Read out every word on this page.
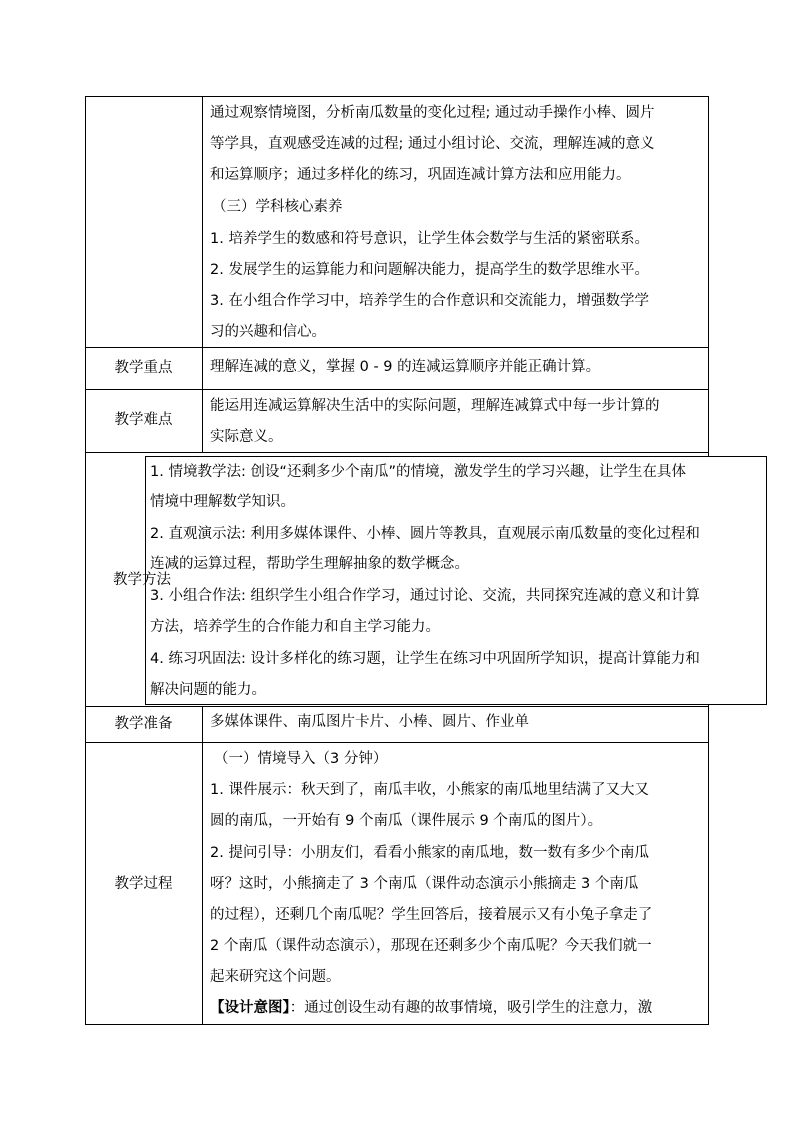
通过观察情境图，分析南瓜数量的变化过程; 通过动手操作小棒、圆片
等学具，直观感受连减的过程; 通过小组讨论、交流，理解连减的意义
和运算顺序；通过多样化的练习，巩固连减计算方法和应用能力。
（三）学科核心素养
1. 培养学生的数感和符号意识，让学生体会数学与生活的紧密联系。
2. 发展学生的运算能力和问题解决能力，提高学生的数学思维水平。
3. 在小组合作学习中，培养学生的合作意识和交流能力，增强数学学
习的兴趣和信心。
教学重点	理解连减的意义，掌握 0 - 9 的连减运算顺序并能正确计算。
教学难点
能运用连减运算解决生活中的实际问题，理解连减算式中每一步计算的
实际意义。
1. 情境教学法: 创设“还剩多少个南瓜”的情境，激发学生的学习兴趣，让学生在具体
情境中理解数学知识。
2. 直观演示法: 利用多媒体课件、小棒、圆片等教具，直观展示南瓜数量的变化过程和
连减的运算过程，帮助学生理解抽象的数学概念。
教学方法
3. 小组合作法: 组织学生小组合作学习，通过讨论、交流，共同探究连减的意义和计算
方法，培养学生的合作能力和自主学习能力。
4. 练习巩固法: 设计多样化的练习题，让学生在练习中巩固所学知识，提高计算能力和
解决问题的能力。
教学准备	多媒体课件、南瓜图片卡片、小棒、圆片、作业单
教学过程
（一）情境导入（3 分钟）
1. 课件展示：秋天到了，南瓜丰收，小熊家的南瓜地里结满了又大又
圆的南瓜，一开始有 9 个南瓜（课件展示 9 个南瓜的图片）。
2. 提问引导：小朋友们，看看小熊家的南瓜地，数一数有多少个南瓜
呀？这时，小熊摘走了 3 个南瓜（课件动态演示小熊摘走 3 个南瓜
的过程），还剩几个南瓜呢？学生回答后，接着展示又有小兔子拿走了
2 个南瓜（课件动态演示），那现在还剩多少个南瓜呢？今天我们就一
起来研究这个问题。
【设计意图】：通过创设生动有趣的故事情境，吸引学生的注意力，激
